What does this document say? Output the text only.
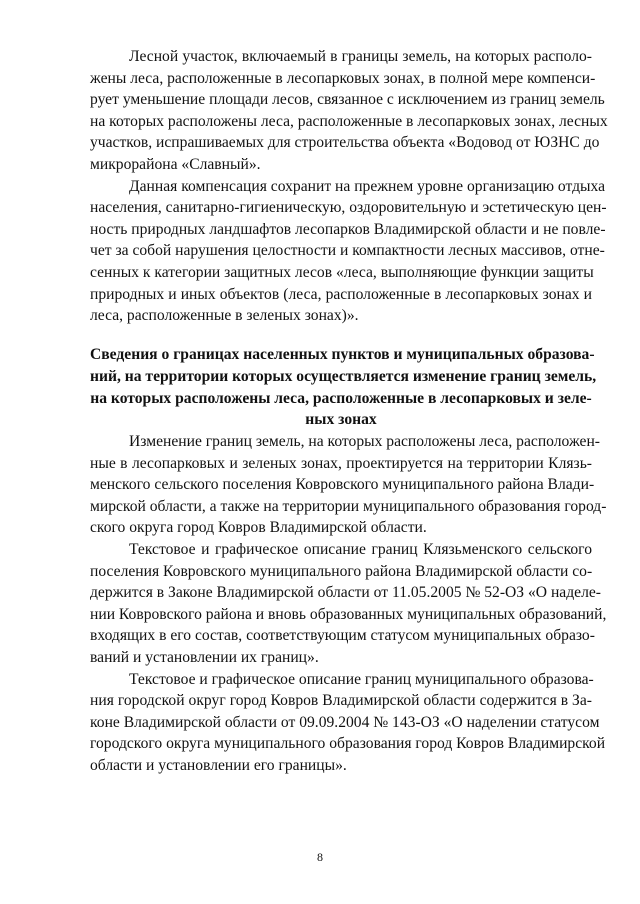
Лесной участок, включаемый в границы земель, на которых располо-
жены леса, расположенные в лесопарковых зонах, в полной мере компенси-
рует уменьшение площади лесов, связанное с исключением из границ земель
на которых расположены леса, расположенные в лесопарковых зонах, лесных
участков, испрашиваемых для строительства объекта «Водовод от ЮЗНС до
микрорайона «Славный».

Данная компенсация сохранит на прежнем уровне организацию отдыха
населения, санитарно-гигиеническую, оздоровительную и эстетическую цен-
ность природных ландшафтов лесопарков Владимирской области и не повле-
чет за собой нарушения целостности и компактности лесных массивов, отне-
сенных к категории защитных лесов «леса, выполняющие функции защиты
природных и иных объектов (леса, расположенные в лесопарковых зонах и
леса, расположенные в зеленых зонах)».

Сведения о границах населенных пунктов и муниципальных образова-
ний, на территории которых осуществляется изменение границ земель,
на которых расположены леса, расположенные в лесопарковых и зеле-
ных зонах

Изменение границ земель, на которых расположены леса, расположен-
ные в лесопарковых и зеленых зонах, проектируется на территории Клязь-
менского сельского поселения Ковровского муниципального района Влади-
мирской области, а также на территории муниципального образования город-
ского округа город Ковров Владимирской области.

Текстовое и графическое описание границ Клязьменского сельского
поселения Ковровского муниципального района Владимирской области со-
держится в Законе Владимирской области от 11.05.2005 № 52-ОЗ «О наделе-
нии Ковровского района и вновь образованных муниципальных образований,
входящих в его состав, соответствующим статусом муниципальных образо-
ваний и установлении их границ».

Текстовое и графическое описание границ муниципального образова-
ния городской округ город Ковров Владимирской области содержится в За-
коне Владимирской области от 09.09.2004 № 143-ОЗ «О наделении статусом
городского округа муниципального образования город Ковров Владимирской
области и установлении его границы».

8
